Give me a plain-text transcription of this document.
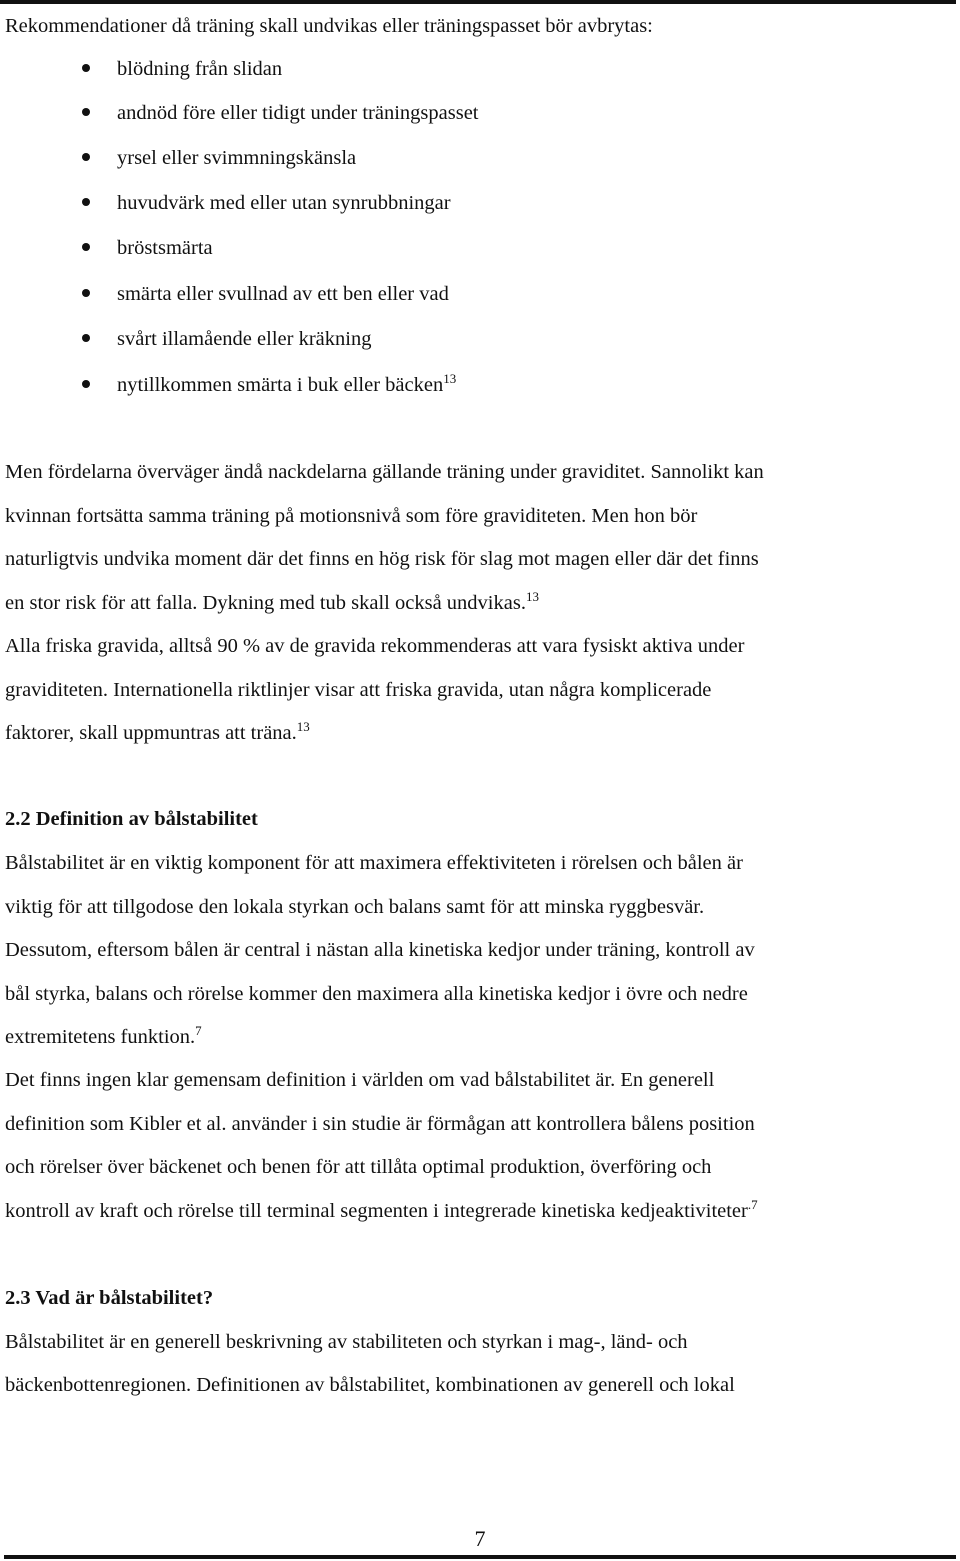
Rekommendationer då träning skall undvikas eller träningspasset bör avbrytas:
blödning från slidan
andnöd före eller tidigt under träningspasset
yrsel eller svimmningskänsla
huvudvärk med eller utan synrubbningar
bröstsmärta
smärta eller svullnad av ett ben eller vad
svårt illamående eller kräkning
nytillkommen smärta i buk eller bäcken$^{13}$
Men fördelarna överväger ändå nackdelarna gällande träning under graviditet. Sannolikt kan
kvinnan fortsätta samma träning på motionsnivå som före graviditeten. Men hon bör
naturligtvis undvika moment där det finns en hög risk för slag mot magen eller där det finns
en stor risk för att falla. Dykning med tub skall också undvikas.$^{13}$
Alla friska gravida, alltså 90 % av de gravida rekommenderas att vara fysiskt aktiva under
graviditeten. Internationella riktlinjer visar att friska gravida, utan några komplicerade
faktorer, skall uppmuntras att träna.$^{13}$
2.2 Definition av bålstabilitet
Bålstabilitet är en viktig komponent för att maximera effektiviteten i rörelsen och bålen är
viktig för att tillgodose den lokala styrkan och balans samt för att minska ryggbesvär.
Dessutom, eftersom bålen är central i nästan alla kinetiska kedjor under träning, kontroll av
bål styrka, balans och rörelse kommer den maximera alla kinetiska kedjor i övre och nedre
extremitetens funktion.$^7$
Det finns ingen klar gemensam definition i världen om vad bålstabilitet är. En generell
definition som Kibler et al. använder i sin studie är förmågan att kontrollera bålens position
och rörelser över bäckenet och benen för att tillåta optimal produktion, överföring och
kontroll av kraft och rörelse till terminal segmenten i integrerade kinetiska kedjeaktiviteter$^{.7}$
2.3 Vad är bålstabilitet?
Bålstabilitet är en generell beskrivning av stabiliteten och styrkan i mag-, länd- och
bäckenbottenregionen. Definitionen av bålstabilitet, kombinationen av generell och lokal
7
